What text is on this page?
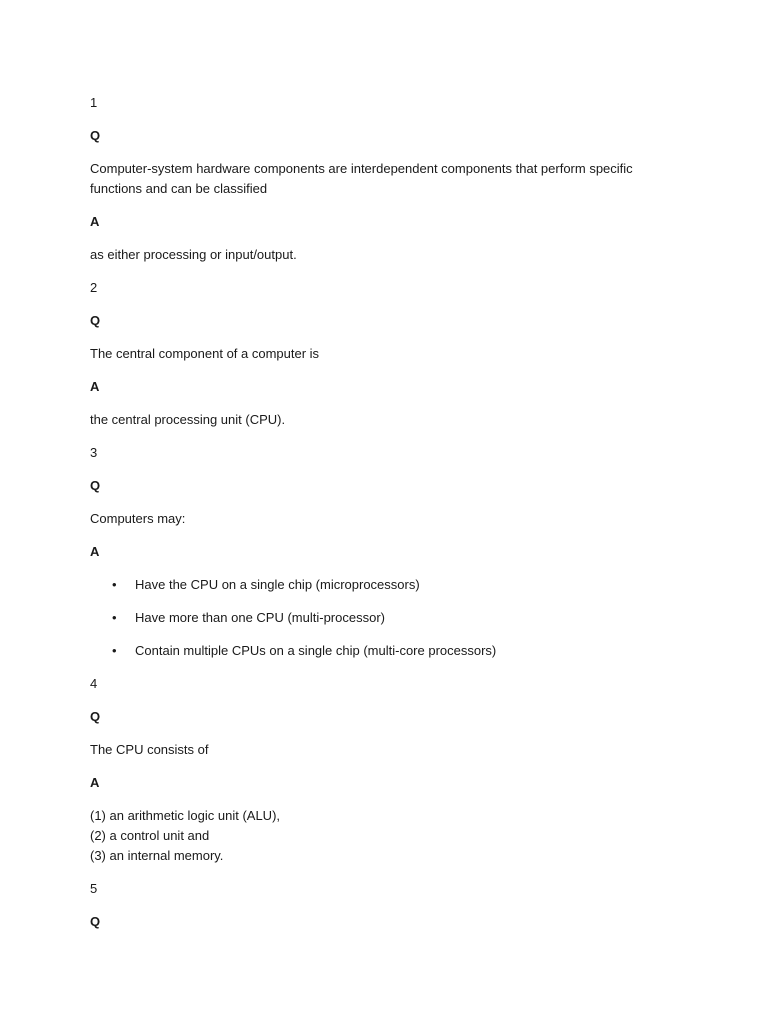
1

Q

Computer-system hardware components are interdependent components that perform specific functions and can be classified

A

as either processing or input/output.

2

Q

The central component of a computer is

A

the central processing unit (CPU).

3

Q

Computers may:

A

• Have the CPU on a single chip (microprocessors)
• Have more than one CPU (multi-processor)
• Contain multiple CPUs on a single chip (multi-core processors)

4

Q

The CPU consists of

A

(1) an arithmetic logic unit (ALU),
(2) a control unit and
(3) an internal memory.

5

Q
